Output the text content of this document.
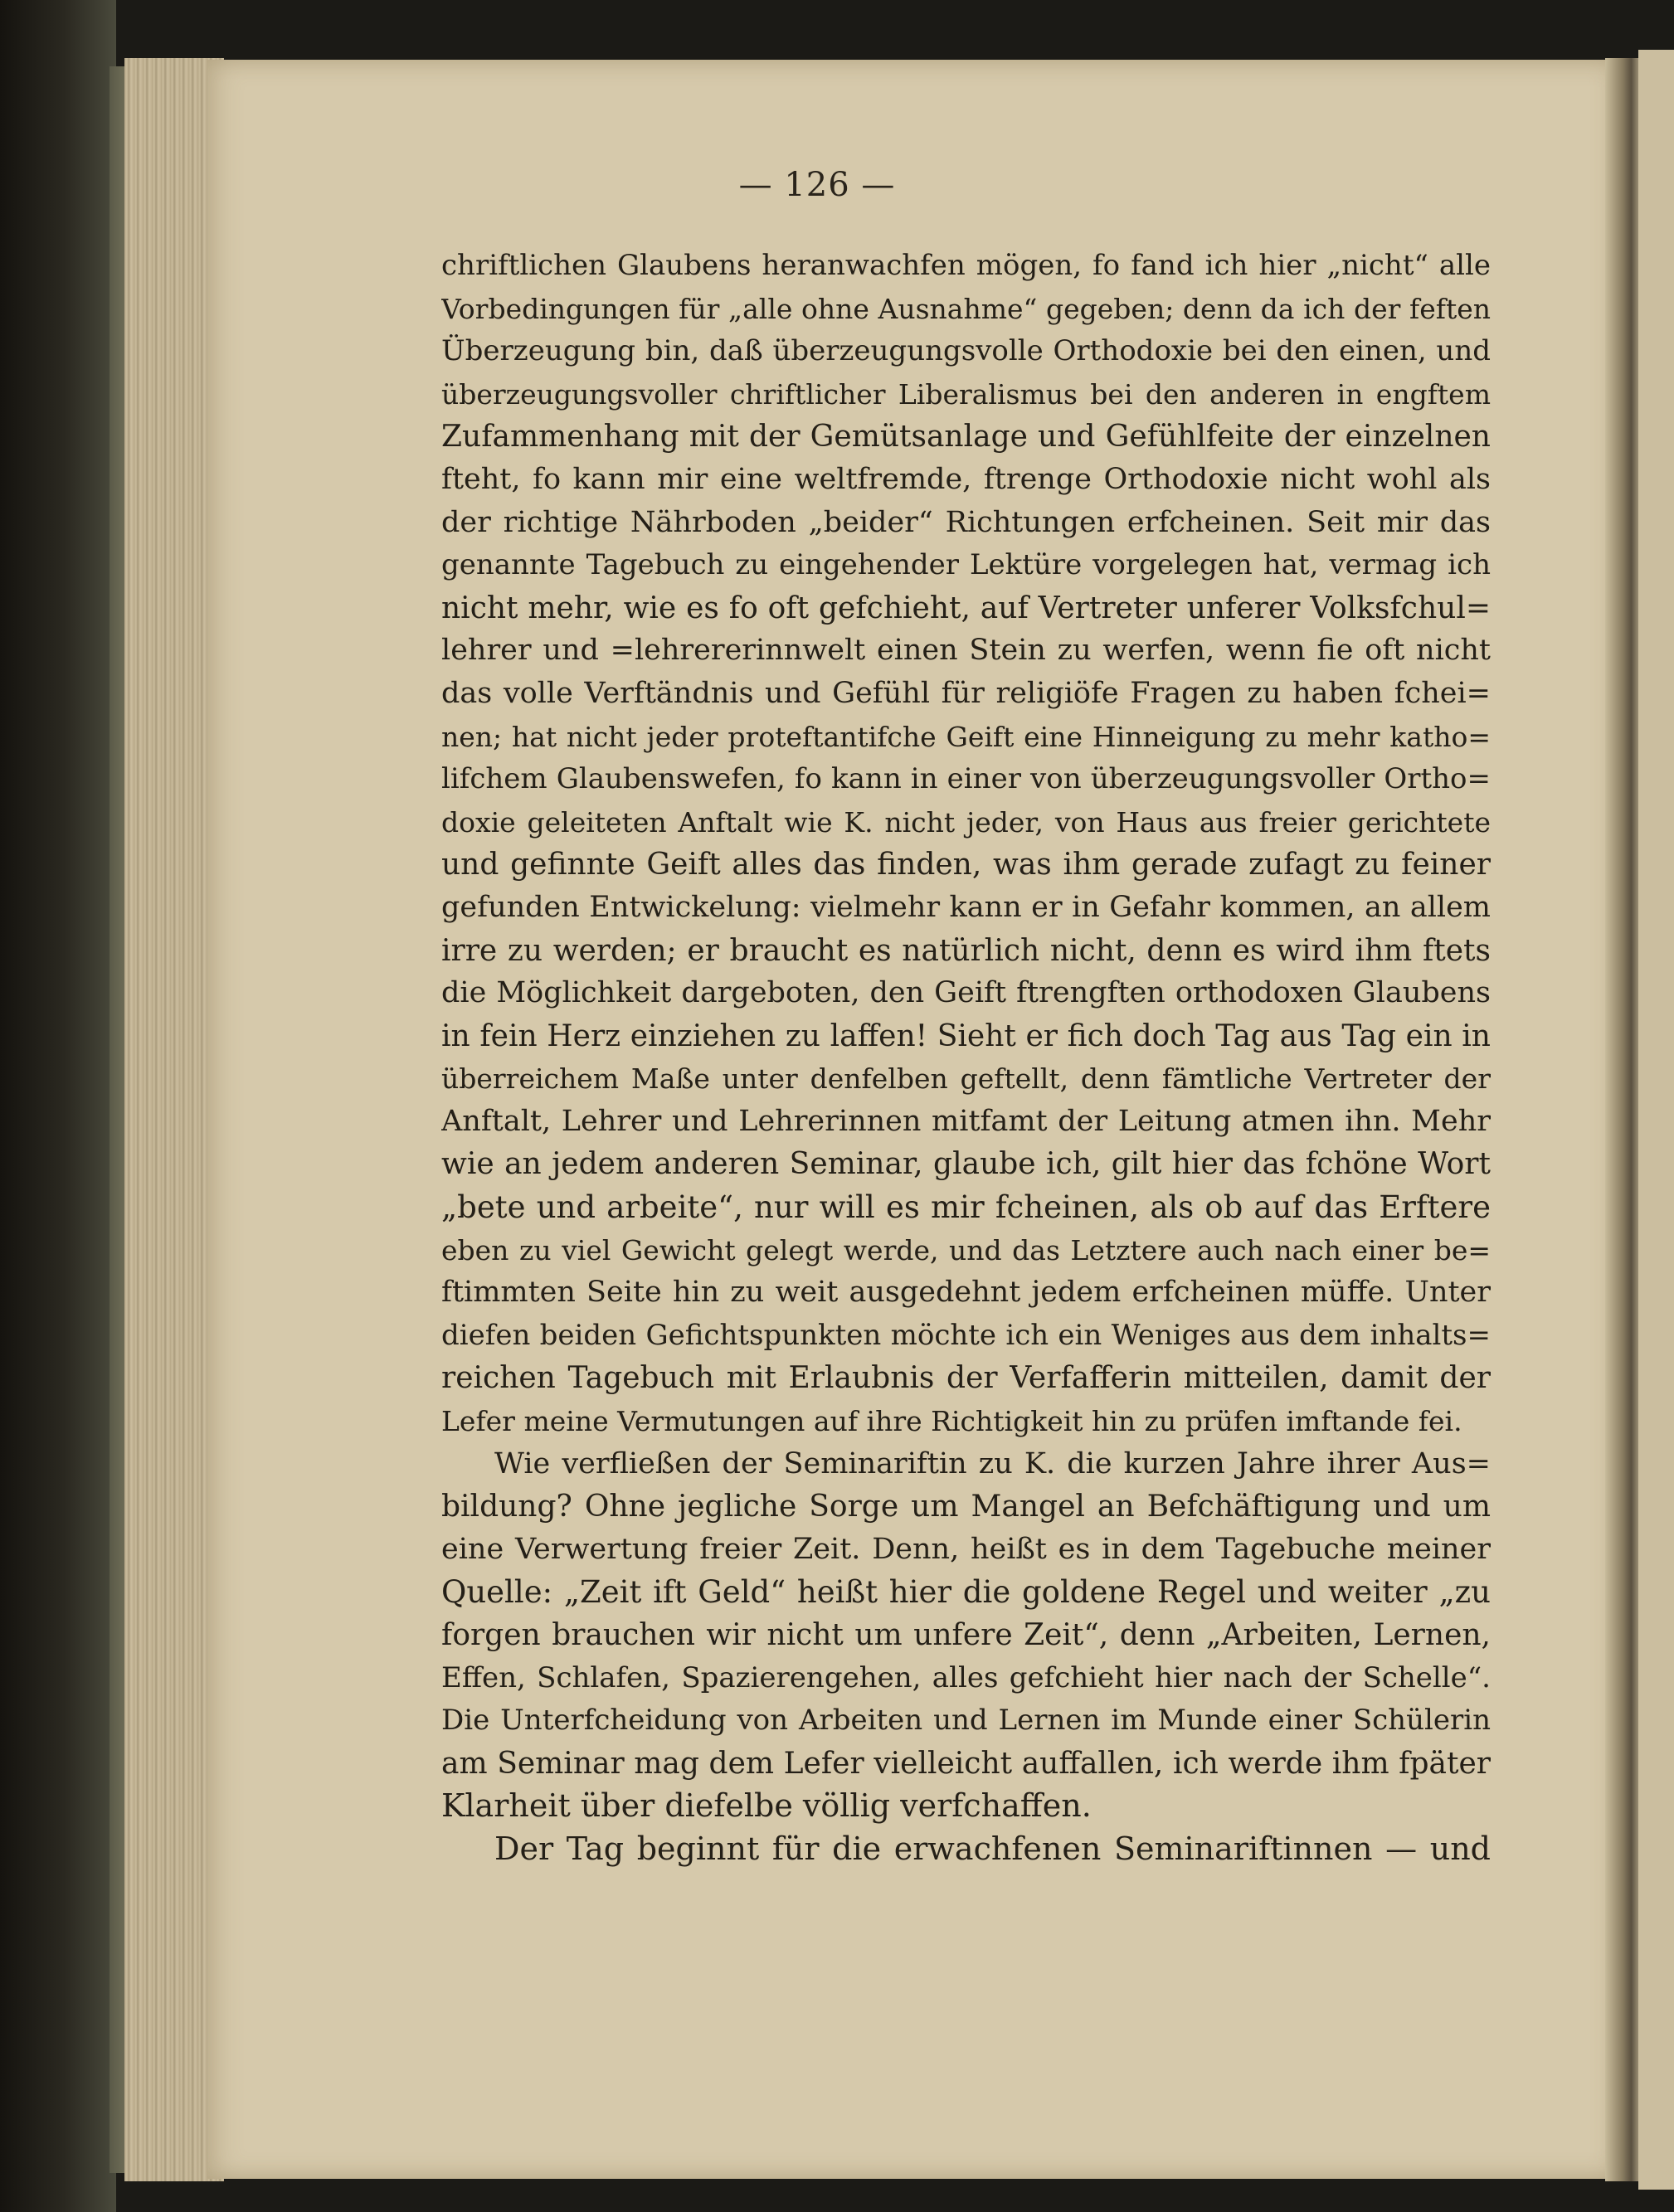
— 126 —
chriftlichen Glaubens heranwachfen mögen, fo fand ich hier „nicht“ alle
Vorbedingungen für „alle ohne Ausnahme“ gegeben; denn da ich der feften
Überzeugung bin, daß überzeugungsvolle Orthodoxie bei den einen, und
überzeugungsvoller chriftlicher Liberalismus bei den anderen in engftem
Zufammenhang mit der Gemütsanlage und Gefühlfeite der einzelnen
fteht, fo kann mir eine weltfremde, ftrenge Orthodoxie nicht wohl als
der richtige Nährboden „beider“ Richtungen erfcheinen. Seit mir das
genannte Tagebuch zu eingehender Lektüre vorgelegen hat, vermag ich
nicht mehr, wie es fo oft gefchieht, auf Vertreter unferer Volksfchul=
lehrer und =lehrererinnwelt einen Stein zu werfen, wenn fie oft nicht
das volle Verftändnis und Gefühl für religiöfe Fragen zu haben fchei=
nen; hat nicht jeder proteftantifche Geift eine Hinneigung zu mehr katho=
lifchem Glaubenswefen, fo kann in einer von überzeugungsvoller Ortho=
doxie geleiteten Anftalt wie K. nicht jeder, von Haus aus freier gerichtete
und gefinnte Geift alles das finden, was ihm gerade zufagt zu feiner
gefunden Entwickelung: vielmehr kann er in Gefahr kommen, an allem
irre zu werden; er braucht es natürlich nicht, denn es wird ihm ftets
die Möglichkeit dargeboten, den Geift ftrengften orthodoxen Glaubens
in fein Herz einziehen zu laffen! Sieht er fich doch Tag aus Tag ein in
überreichem Maße unter denfelben geftellt, denn fämtliche Vertreter der
Anftalt, Lehrer und Lehrerinnen mitfamt der Leitung atmen ihn. Mehr
wie an jedem anderen Seminar, glaube ich, gilt hier das fchöne Wort
„bete und arbeite“, nur will es mir fcheinen, als ob auf das Erftere
eben zu viel Gewicht gelegt werde, und das Letztere auch nach einer be=
ftimmten Seite hin zu weit ausgedehnt jedem erfcheinen müffe. Unter
diefen beiden Gefichtspunkten möchte ich ein Weniges aus dem inhalts=
reichen Tagebuch mit Erlaubnis der Verfafferin mitteilen, damit der
Lefer meine Vermutungen auf ihre Richtigkeit hin zu prüfen imftande fei.
Wie verfließen der Seminariftin zu K. die kurzen Jahre ihrer Aus=
bildung? Ohne jegliche Sorge um Mangel an Befchäftigung und um
eine Verwertung freier Zeit. Denn, heißt es in dem Tagebuche meiner
Quelle: „Zeit ift Geld“ heißt hier die goldene Regel und weiter „zu
forgen brauchen wir nicht um unfere Zeit“, denn „Arbeiten, Lernen,
Effen, Schlafen, Spazierengehen, alles gefchieht hier nach der Schelle“.
Die Unterfcheidung von Arbeiten und Lernen im Munde einer Schülerin
am Seminar mag dem Lefer vielleicht auffallen, ich werde ihm fpäter
Klarheit über diefelbe völlig verfchaffen.
Der Tag beginnt für die erwachfenen Seminariftinnen — und
